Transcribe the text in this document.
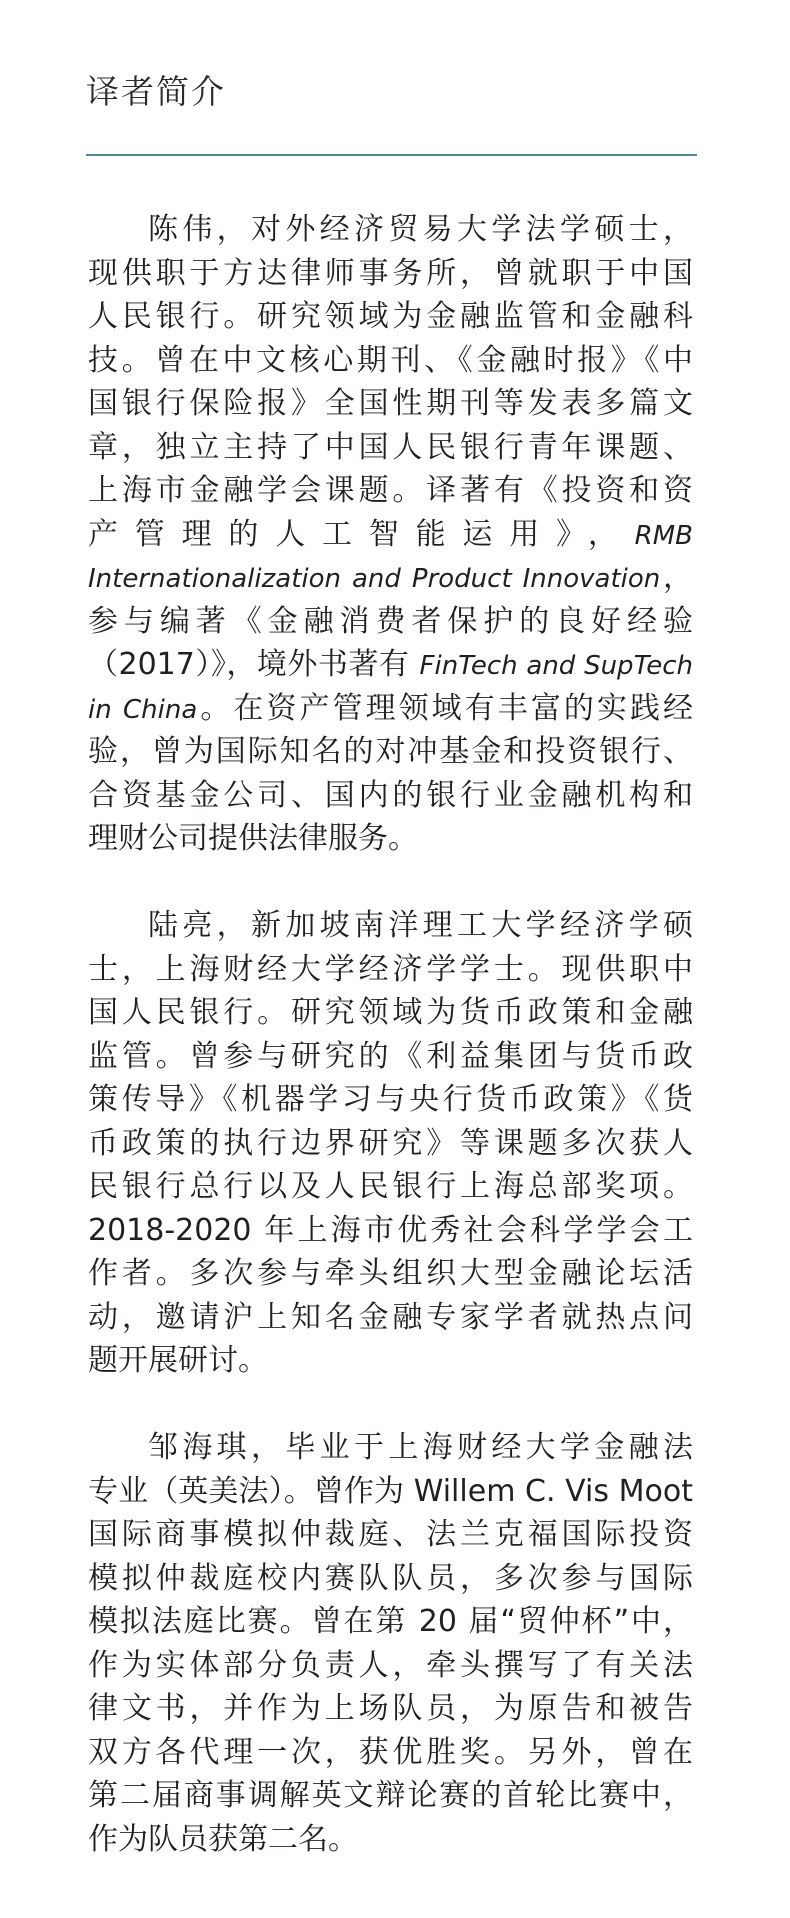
译者简介
陈伟，对外经济贸易大学法学硕士，
现供职于方达律师事务所，曾就职于中国
人民银行。研究领域为金融监管和金融科
技。曾在中文核心期刊、《金融时报》《中
国银行保险报》全国性期刊等发表多篇文
章，独立主持了中国人民银行青年课题、
上海市金融学会课题。译著有《投资和资
产管理的人工智能运用》，RMB
Internationalization and Product Innovation，
参与编著《金融消费者保护的良好经验
（2017）》，境外书著有 FinTech and SupTech
in China。在资产管理领域有丰富的实践经
验，曾为国际知名的对冲基金和投资银行、
合资基金公司、国内的银行业金融机构和
理财公司提供法律服务。
陆亮，新加坡南洋理工大学经济学硕
士，上海财经大学经济学学士。现供职中
国人民银行。研究领域为货币政策和金融
监管。曾参与研究的《利益集团与货币政
策传导》《机器学习与央行货币政策》《货
币政策的执行边界研究》等课题多次获人
民银行总行以及人民银行上海总部奖项。
2018-2020 年上海市优秀社会科学学会工
作者。多次参与牵头组织大型金融论坛活
动，邀请沪上知名金融专家学者就热点问
题开展研讨。
邹海琪，毕业于上海财经大学金融法
专业（英美法）。曾作为 Willem C. Vis Moot
国际商事模拟仲裁庭、法兰克福国际投资
模拟仲裁庭校内赛队队员，多次参与国际
模拟法庭比赛。曾在第 20 届“贸仲杯”中，
作为实体部分负责人，牵头撰写了有关法
律文书，并作为上场队员，为原告和被告
双方各代理一次，获优胜奖。另外，曾在
第二届商事调解英文辩论赛的首轮比赛中，
作为队员获第二名。
